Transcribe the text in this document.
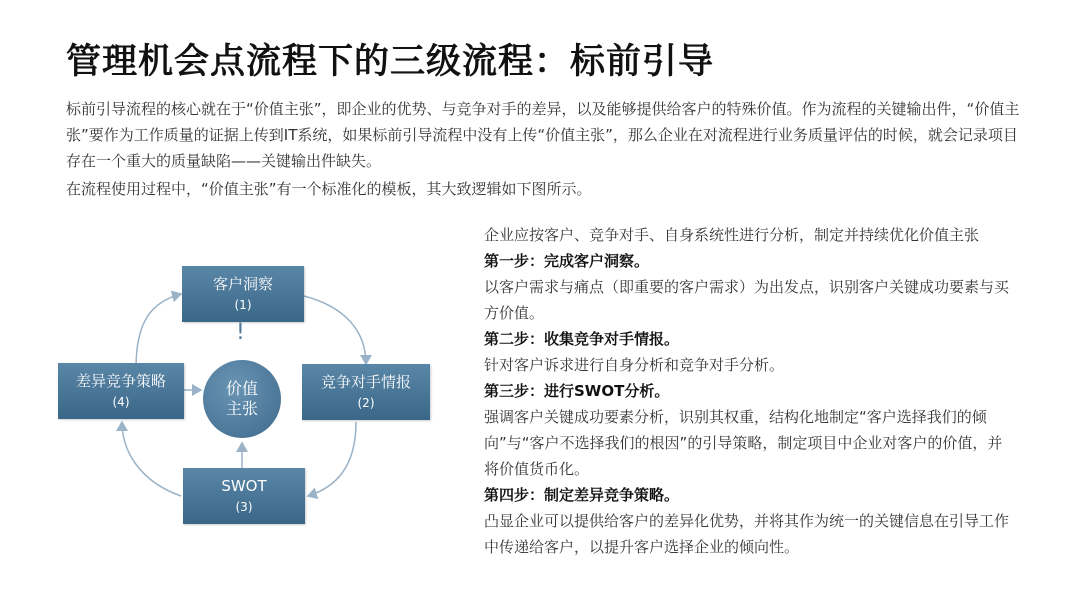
管理机会点流程下的三级流程：标前引导

标前引导流程的核心就在于“价值主张”，即企业的优势、与竞争对手的差异，以及能够提供给客户的特殊价值。作为流程的关键输出件，“价值主张”要作为工作质量的证据上传到IT系统，如果标前引导流程中没有上传“价值主张”，那么企业在对流程进行业务质量评估的时候，就会记录项目存在一个重大的质量缺陷——关键输出件缺失。

在流程使用过程中，“价值主张”有一个标准化的模板，其大致逻辑如下图所示。

客户洞察
(1)
竞争对手情报
(2)
SWOT
(3)
差异竞争策略
(4)
!
价值
主张

企业应按客户、竞争对手、自身系统性进行分析，制定并持续优化价值主张

第一步：完成客户洞察。

以客户需求与痛点（即重要的客户需求）为出发点，识别客户关键成功要素与买方价值。

第二步：收集竞争对手情报。

针对客户诉求进行自身分析和竞争对手分析。

第三步：进行SWOT分析。

强调客户关键成功要素分析，识别其权重，结构化地制定“客户选择我们的倾向”与“客户不选择我们的根因”的引导策略，制定项目中企业对客户的价值，并将价值货币化。

第四步：制定差异竞争策略。

凸显企业可以提供给客户的差异化优势，并将其作为统一的关键信息在引导工作中传递给客户，以提升客户选择企业的倾向性。
